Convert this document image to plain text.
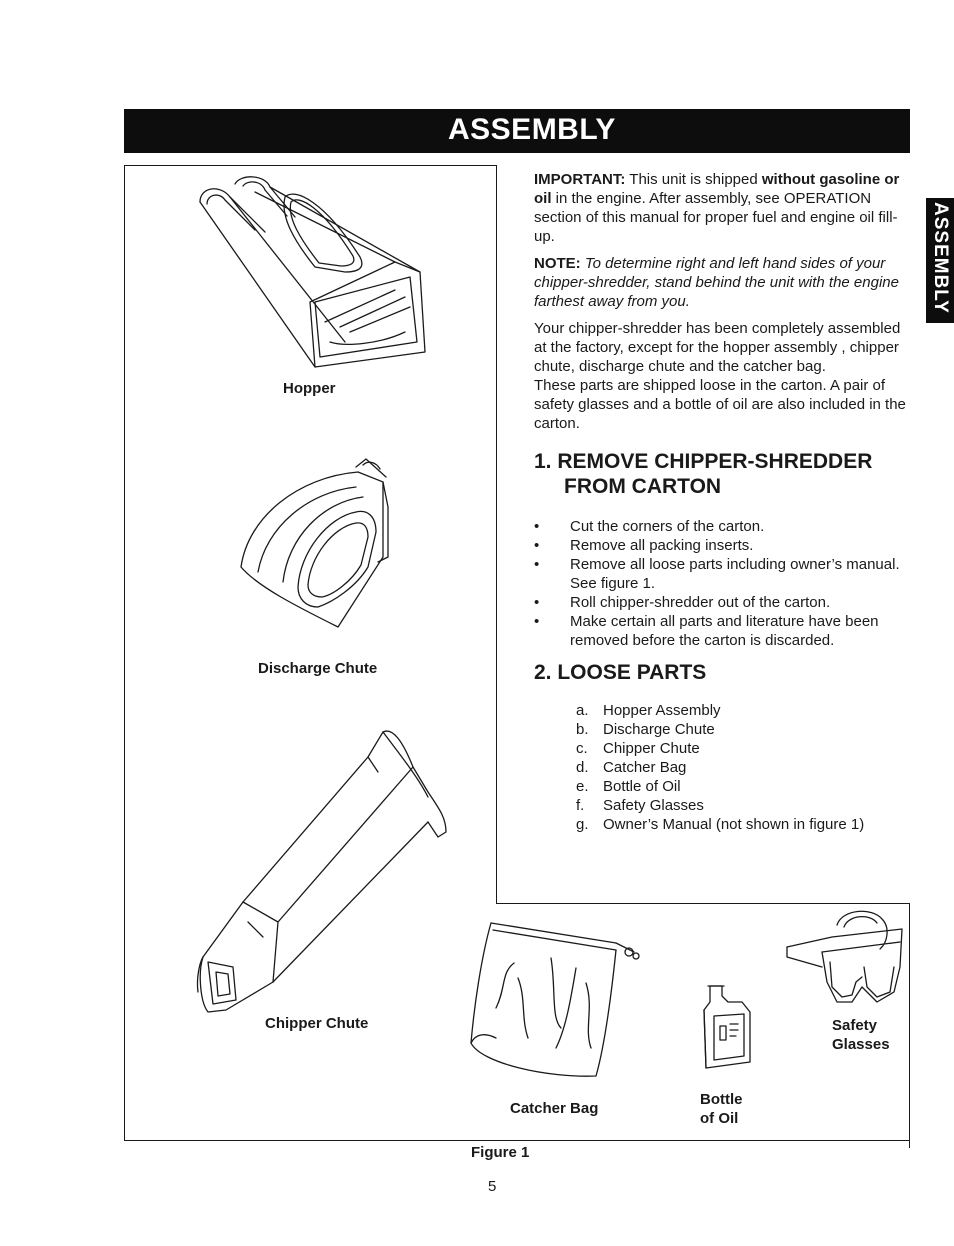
ASSEMBLY
ASSEMBLY
Hopper
Discharge Chute
Chipper Chute
Catcher Bag
Bottle
of Oil
Safety
Glasses
Figure 1
5

IMPORTANT: This unit is shipped without gasoline or oil in the engine. After assembly, see OPERATION section of this manual for proper fuel and engine oil fill-up.

NOTE: To determine right and left hand sides of your chipper-shredder, stand behind the unit with the engine farthest away from you.

Your chipper-shredder has been completely assembled at the factory, except for the hopper assembly , chipper chute, discharge chute and the catcher bag.

These parts are shipped loose in the carton. A pair of safety glasses and a bottle of oil are also included in the carton.

1. REMOVE CHIPPER-SHREDDER
FROM CARTON
• Cut the corners of the carton.
• Remove all packing inserts.
• Remove all loose parts including owner’s manual. See figure 1.
• Roll chipper-shredder out of the carton.
• Make certain all parts and literature have been removed before the carton is discarded.
2. LOOSE PARTS
a. Hopper Assembly
b. Discharge Chute
c. Chipper Chute
d. Catcher Bag
e. Bottle of Oil
f. Safety Glasses
g. Owner’s Manual (not shown in figure 1)
